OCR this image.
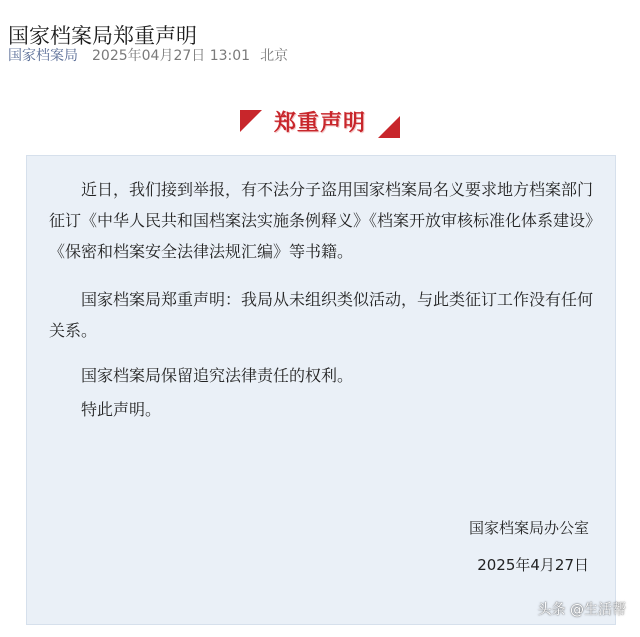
国家档案局郑重声明
国家档案局 2025年04月27日 13:01 北京
郑重声明

近日，我们接到举报，有不法分子盗用国家档案局名义要求地方档案部门征订《中华人民共和国档案法实施条例释义》《档案开放审核标准化体系建设》《保密和档案安全法律法规汇编》等书籍。

国家档案局郑重声明：我局从未组织类似活动，与此类征订工作没有任何关系。

国家档案局保留追究法律责任的权利。

特此声明。

国家档案局办公室
2025年4月27日
头条 @生活帮
